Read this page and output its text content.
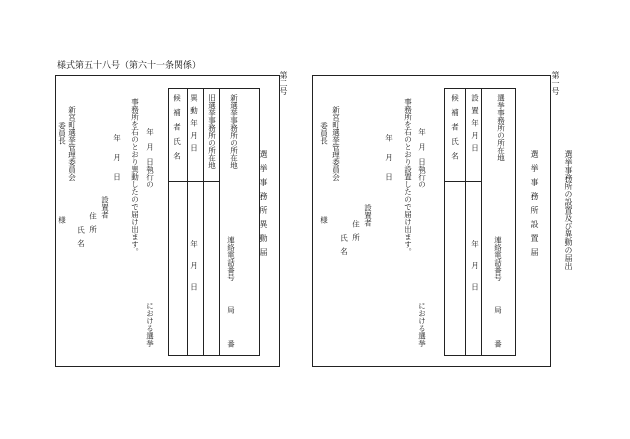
様式第五十八号（第六十一条関係）
第二号
新選挙事務所の所在地
旧選挙事務所の所在地
異動年月日
候補者氏名
年月日
選挙事務所異動届
連絡電話番号
局
番
年　月　日執行の
における選挙
事務所を右のとおり異動したので届け出ます。
年月日
設置者
住所
氏名
新宮町選挙管理委員会
委員長
様
第一号
選挙事務所の所在地
設置年月日
候補者氏名
年月日
選挙事務所設置届
連絡電話番号
局
番
年　月　日執行の
における選挙
事務所を右のとおり設置したので届け出ます。
年月日
設置者
住所
氏名
新宮町選挙管理委員会
委員長
様	選挙事務所の設置及び異動の届出
